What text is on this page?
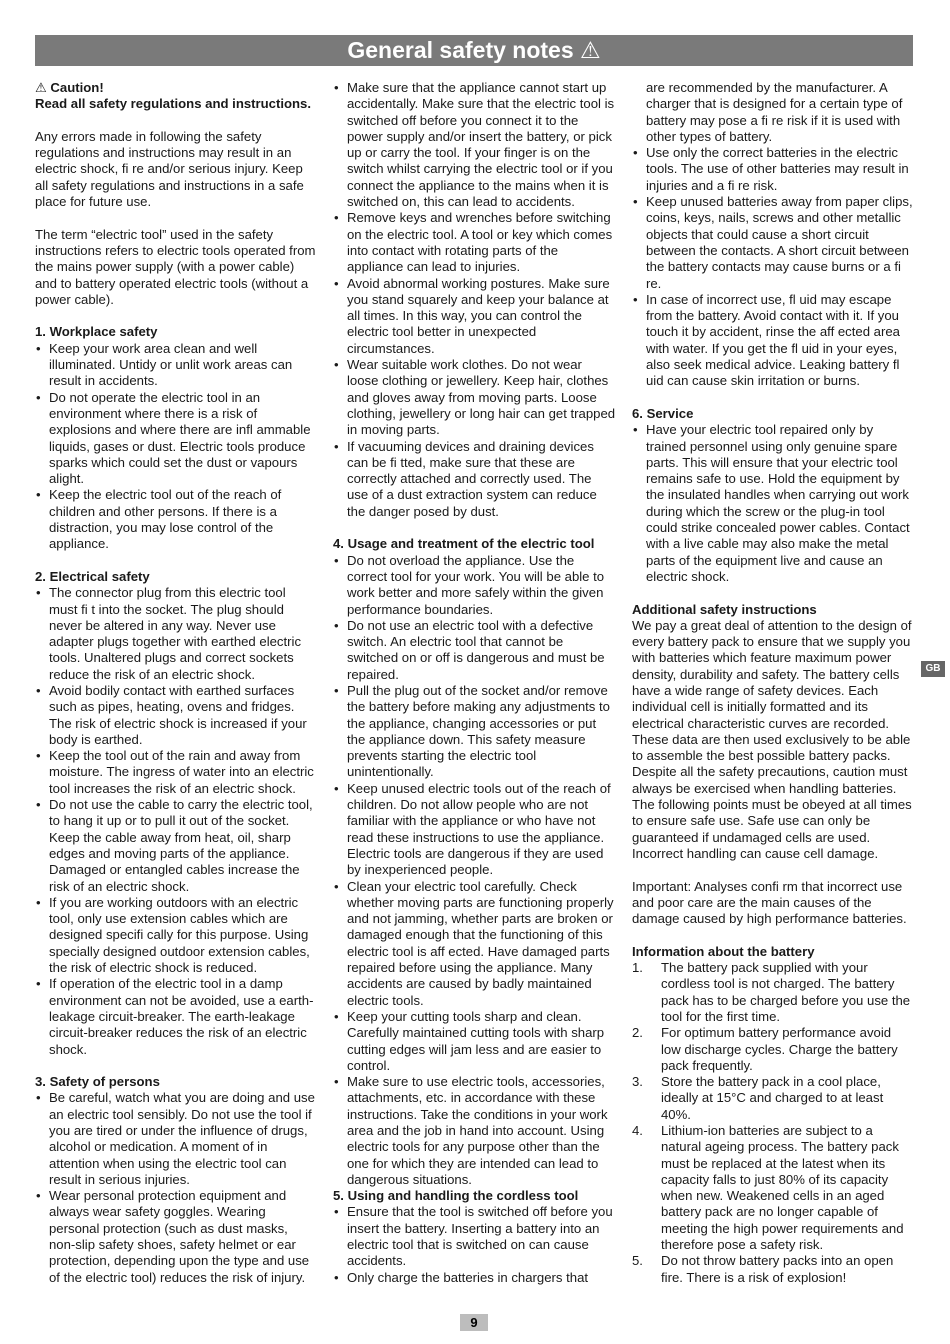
General safety notes ⚠
⚠ Caution!
Read all safety regulations and instructions.

Any errors made in following the safety regulations and instructions may result in an electric shock, fi re and/or serious injury. Keep all safety regulations and instructions in a safe place for future use.

The term “electric tool” used in the safety instructions refers to electric tools operated from the mains power supply (with a power cable) and to battery operated electric tools (without a power cable).

1. Workplace safety
• Keep your work area clean and well illuminated. Untidy or unlit work areas can result in accidents.
• Do not operate the electric tool in an environment where there is a risk of explosions and where there are infl ammable liquids, gases or dust. Electric tools produce sparks which could set the dust or vapours alight.
• Keep the electric tool out of the reach of children and other persons. If there is a distraction, you may lose control of the appliance.
2. Electrical safety
• The connector plug from this electric tool must fi t into the socket. The plug should never be altered in any way. Never use adapter plugs together with earthed electric tools. Unaltered plugs and correct sockets reduce the risk of an electric shock.
• Avoid bodily contact with earthed surfaces such as pipes, heating, ovens and fridges. The risk of electric shock is increased if your body is earthed.
• Keep the tool out of the rain and away from moisture. The ingress of water into an electric tool increases the risk of an electric shock.
• Do not use the cable to carry the electric tool, to hang it up or to pull it out of the socket. Keep the cable away from heat, oil, sharp edges and moving parts of the appliance. Damaged or entangled cables increase the risk of an electric shock.
• If you are working outdoors with an electric tool, only use extension cables which are designed specifi cally for this purpose. Using specially designed outdoor extension cables, the risk of electric shock is reduced.
• If operation of the electric tool in a damp environment can not be avoided, use a earth-leakage circuit-breaker. The earth-leakage circuit-breaker reduces the risk of an electric shock.
3. Safety of persons
• Be careful, watch what you are doing and use an electric tool sensibly. Do not use the tool if you are tired or under the influence of drugs, alcohol or medication. A moment of in attention when using the electric tool can result in serious injuries.
• Wear personal protection equipment and always wear safety goggles. Wearing personal protection (such as dust masks, non-slip safety shoes, safety helmet or ear protection, depending upon the type and use of the electric tool) reduces the risk of injury.
• Make sure that the appliance cannot start up accidentally. Make sure that the electric tool is switched off before you connect it to the power supply and/or insert the battery, or pick up or carry the tool. If your finger is on the switch whilst carrying the electric tool or if you connect the appliance to the mains when it is switched on, this can lead to accidents.
• Remove keys and wrenches before switching on the electric tool. A tool or key which comes into contact with rotating parts of the appliance can lead to injuries.
• Avoid abnormal working postures. Make sure you stand squarely and keep your balance at all times. In this way, you can control the electric tool better in unexpected circumstances.
• Wear suitable work clothes. Do not wear loose clothing or jewellery. Keep hair, clothes and gloves away from moving parts. Loose clothing, jewellery or long hair can get trapped in moving parts.
• If vacuuming devices and draining devices can be fi tted, make sure that these are correctly attached and correctly used. The use of a dust extraction system can reduce the danger posed by dust.
4. Usage and treatment of the electric tool
• Do not overload the appliance. Use the correct tool for your work. You will be able to work better and more safely within the given performance boundaries.
• Do not use an electric tool with a defective switch. An electric tool that cannot be switched on or off is dangerous and must be repaired.
• Pull the plug out of the socket and/or remove the battery before making any adjustments to the appliance, changing accessories or put the appliance down. This safety measure prevents starting the electric tool unintentionally.
• Keep unused electric tools out of the reach of children. Do not allow people who are not familiar with the appliance or who have not read these instructions to use the appliance. Electric tools are dangerous if they are used by inexperienced people.
• Clean your electric tool carefully. Check whether moving parts are functioning properly and not jamming, whether parts are broken or damaged enough that the functioning of this electric tool is aff ected. Have damaged parts repaired before using the appliance. Many accidents are caused by badly maintained electric tools.
• Keep your cutting tools sharp and clean. Carefully maintained cutting tools with sharp cutting edges will jam less and are easier to control.
• Make sure to use electric tools, accessories, attachments, etc. in accordance with these instructions. Take the conditions in your work area and the job in hand into account. Using electric tools for any purpose other than the one for which they are intended can lead to dangerous situations.
5. Using and handling the cordless tool
• Ensure that the tool is switched off before you insert the battery. Inserting a battery into an electric tool that is switched on can cause accidents.
• Only charge the batteries in chargers that
are recommended by the manufacturer. A charger that is designed for a certain type of battery may pose a fi re risk if it is used with other types of battery.
• Use only the correct batteries in the electric tools. The use of other batteries may result in injuries and a fi re risk.
• Keep unused batteries away from paper clips, coins, keys, nails, screws and other metallic objects that could cause a short circuit between the contacts. A short circuit between the battery contacts may cause burns or a fi re.
• In case of incorrect use, fl uid may escape from the battery. Avoid contact with it. If you touch it by accident, rinse the aff ected area with water. If you get the fl uid in your eyes, also seek medical advice. Leaking battery fl uid can cause skin irritation or burns.
6. Service
• Have your electric tool repaired only by trained personnel using only genuine spare parts. This will ensure that your electric tool remains safe to use. Hold the equipment by the insulated handles when carrying out work during which the screw or the plug-in tool could strike concealed power cables. Contact with a live cable may also make the metal parts of the equipment live and cause an electric shock.
Additional safety instructions

We pay a great deal of attention to the design of every battery pack to ensure that we supply you with batteries which feature maximum power density, durability and safety. The battery cells have a wide range of safety devices. Each individual cell is initially formatted and its electrical characteristic curves are recorded. These data are then used exclusively to be able to assemble the best possible battery packs. Despite all the safety precautions, caution must always be exercised when handling batteries. The following points must be obeyed at all times to ensure safe use. Safe use can only be guaranteed if undamaged cells are used. Incorrect handling can cause cell damage.

Important: Analyses confi rm that incorrect use and poor care are the main causes of the damage caused by high performance batteries.

Information about the battery
1. The battery pack supplied with your cordless tool is not charged. The battery pack has to be charged before you use the tool for the first time.
2. For optimum battery performance avoid low discharge cycles. Charge the battery pack frequently.
3. Store the battery pack in a cool place, ideally at 15°C and charged to at least 40%.
4. Lithium-ion batteries are subject to a natural ageing process. The battery pack must be replaced at the latest when its capacity falls to just 80% of its capacity when new. Weakened cells in an aged battery pack are no longer capable of meeting the high power requirements and therefore pose a safety risk.
5. Do not throw battery packs into an open fire. There is a risk of explosion!
GB
9
